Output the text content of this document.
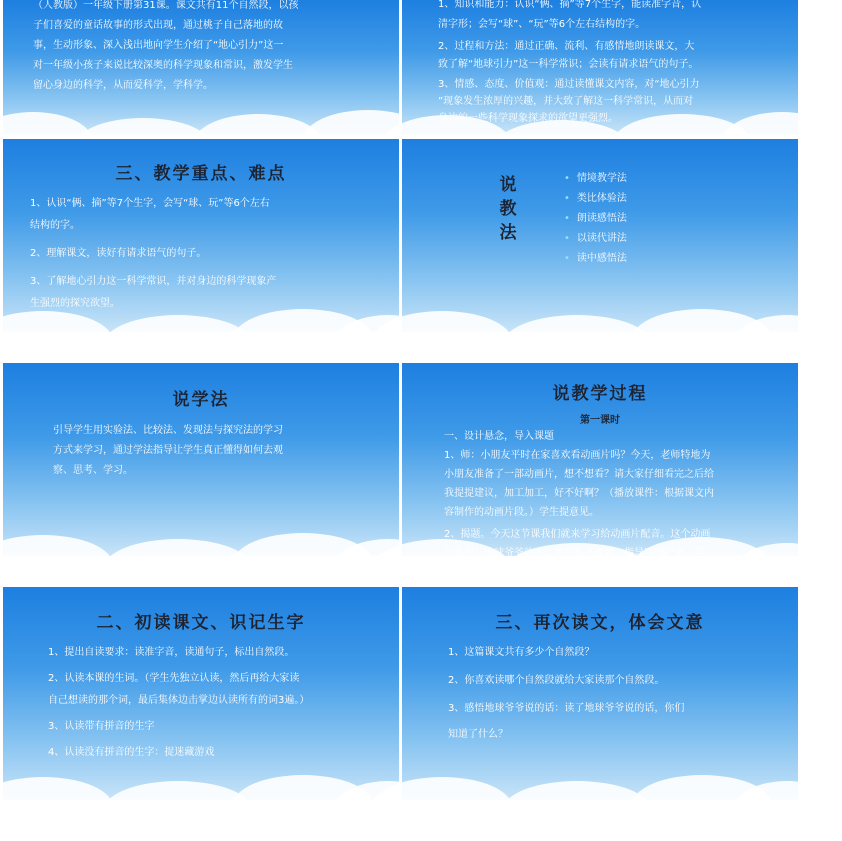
（人教版）一年级下册第31课。课文共有11个自然段，以孩
子们喜爱的童话故事的形式出现，通过桃子自己落地的故
事，生动形象、深入浅出地向学生介绍了“地心引力”这一
对一年级小孩子来说比较深奥的科学现象和常识，激发学生
留心身边的科学，从而爱科学，学科学。
1、知识和能力：认识“俩、摘”等7个生字，能读准字音，认
清字形；会写“球”、“玩”等6个左右结构的字。
2、过程和方法：通过正确、流利、有感情地朗读课文，大
致了解“地球引力”这一科学常识；会读有请求语气的句子。
3、情感、态度、价值观：通过读懂课文内容，对“地心引力
”现象发生浓厚的兴趣，并大致了解这一科学常识，从而对
身边的一些科学现象探求的欲望更强烈。
三、教学重点、难点
1、认识“俩、摘”等7个生字，会写“球、玩”等6个左右
结构的字。
2、理解课文，读好有请求语气的句子。
3、了解地心引力这一科学常识，并对身边的科学现象产
生强烈的探究欲望。
说教法
• 情境教学法
• 类比体验法
• 朗读感悟法
• 以读代讲法
• 读中感悟法
说学法
引导学生用实验法、比较法、发现法与探究法的学习
方式来学习，通过学法指导让学生真正懂得如何去观
察、思考、学习。
说教学过程
第一课时
一、设计悬念，导入课题
1、师：小朋友平时在家喜欢看动画片吗？今天，老师特地为
小朋友准备了一部动画片，想不想看？请大家仔细看完之后给
我提提建议，加工加工，好不好啊？（播放课件：根据课文内
容制作的动画片段。）学生提意见。
2、揭题。今天这节课我们就来学习给动画片配音。这个动画
片名叫：地球爷爷的手。老师板书课题，指导写“球”字，学
生练写。
二、初读课文、识记生字
1、提出自读要求：读准字音，读通句子，标出自然段。
2、认读本课的生词。（学生先独立认读，然后再给大家读
自己想读的那个词，最后集体边击掌边认读所有的词3遍。）
3、认读带有拼音的生字
4、认读没有拼音的生字：捉迷藏游戏
三、再次读文，体会文意
1、这篇课文共有多少个自然段？
2、你喜欢读哪个自然段就给大家读那个自然段。
3、感悟地球爷爷说的话：读了地球爷爷说的话，你们
知道了什么？
